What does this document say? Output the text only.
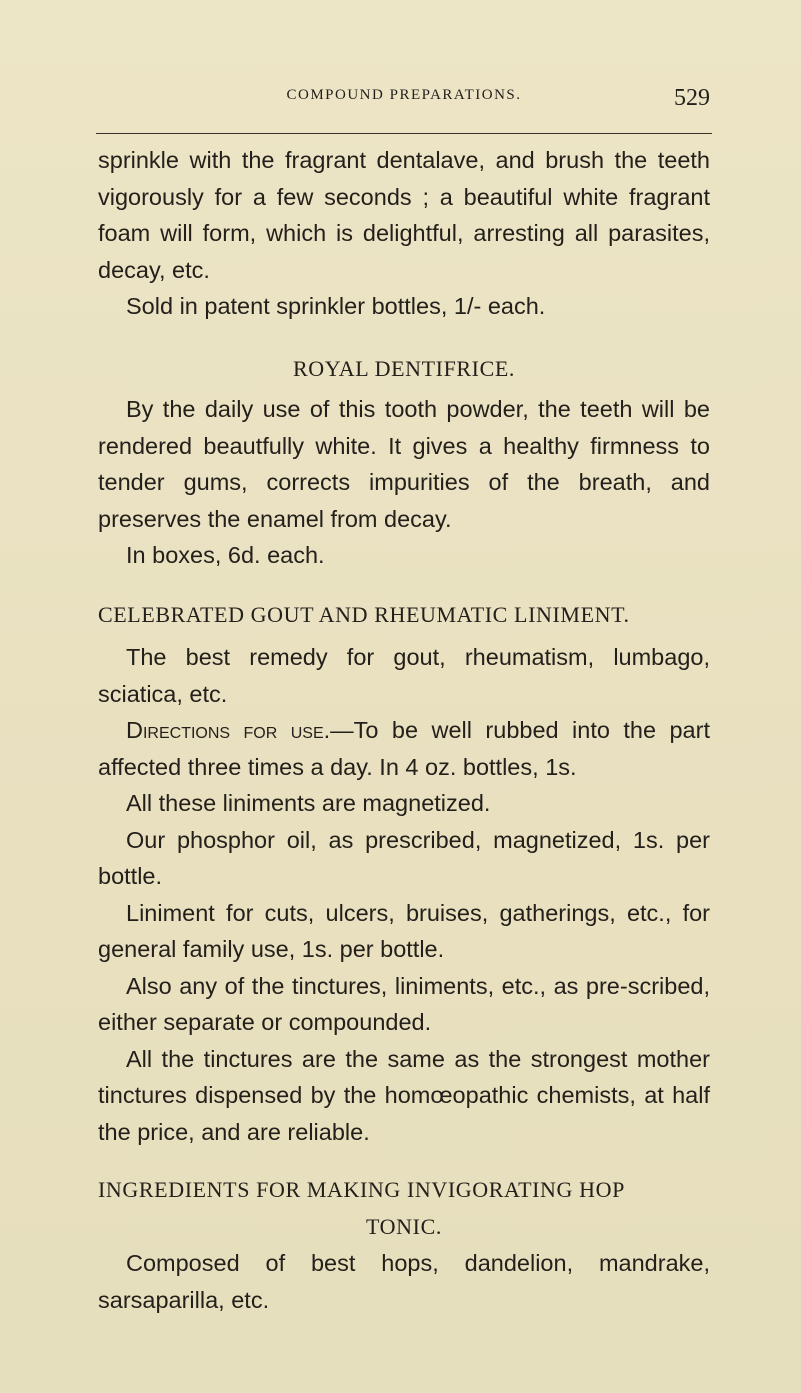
COMPOUND PREPARATIONS.	529

sprinkle with the fragrant dentalave, and brush the teeth vigorously for a few seconds ; a beautiful white fragrant foam will form, which is delightful, arresting all parasites, decay, etc.

Sold in patent sprinkler bottles, 1/- each.

ROYAL DENTIFRICE.

By the daily use of this tooth powder, the teeth will be rendered beautfully white. It gives a healthy firmness to tender gums, corrects impurities of the breath, and preserves the enamel from decay.

In boxes, 6d. each.

CELEBRATED GOUT AND RHEUMATIC LINIMENT.

The best remedy for gout, rheumatism, lumbago, sciatica, etc.

Directions for use.—To be well rubbed into the part affected three times a day. In 4 oz. bottles, 1s.

All these liniments are magnetized.

Our phosphor oil, as prescribed, magnetized, 1s. per bottle.

Liniment for cuts, ulcers, bruises, gatherings, etc., for general family use, 1s. per bottle.

Also any of the tinctures, liniments, etc., as pre-scribed, either separate or compounded.

All the tinctures are the same as the strongest mother tinctures dispensed by the homœopathic chemists, at half the price, and are reliable.

INGREDIENTS FOR MAKING INVIGORATING HOP

TONIC.

Composed of best hops, dandelion, mandrake, sarsaparilla, etc.
